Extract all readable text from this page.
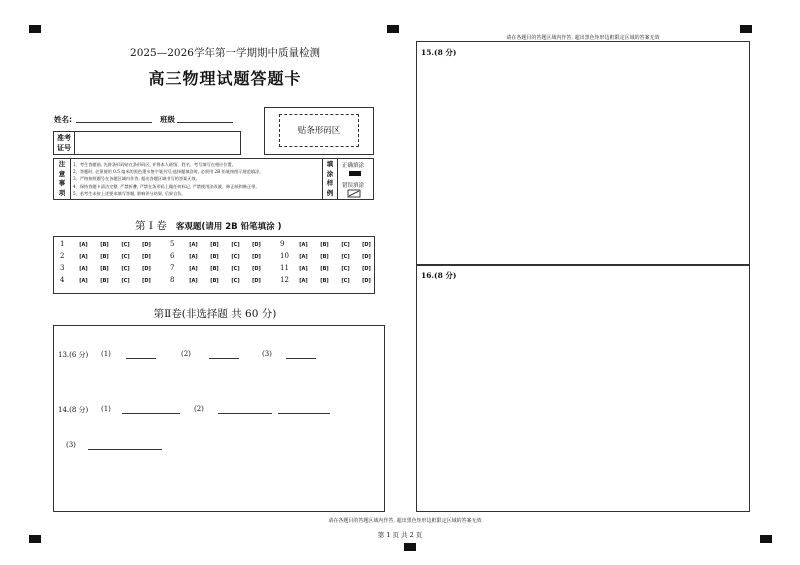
2025—2026学年第一学期期中质量检测
高三物理试题答题卡
姓名:	班级
准考
证号
贴条形码区
注
意
事
项
1、考生答题前, 先将条形码贴在条形码区, 并将本人班级、姓名、考号填写在相应位置。
2、答题时, 必须使用 0.5 毫米的黑色墨水签字笔书写;选择题填涂时, 必须用 2B 铅笔按图示规范填涂。
3、严格按照题号在各题区域内作答, 超出答题区域书写的答案无效。
4、保持答题卡清洁完整, 严禁折叠, 严禁在条形码上做任何标记, 严禁使用涂改液、修正纸和修正带。
5、若考生未按上述要求填写答题, 影响评分结果, 后果自负。
填
涂
样
例
正确填涂
错误填涂
第 I 卷 客观题(请用 2B 铅笔填涂 )
1	[A]	[B]	[C]	[D]
2	[A]	[B]	[C]	[D]
3	[A]	[B]	[C]	[D]
4	[A]	[B]	[C]	[D]
5	[A]	[B]	[C]	[D]
6	[A]	[B]	[C]	[D]
7	[A]	[B]	[C]	[D]
8	[A]	[B]	[C]	[D]
9	[A]	[B]	[C]	[D]
10 [A]	[B]	[C]	[D]
11 [A]	[B]	[C]	[D]
12 [A]	[B]	[C]	[D]
第Ⅱ卷(非选择题 共 60 分)
13.(6 分) (1)	(2)	(3)
14.(8 分) (1)	(2)
(3)
请在各题目的答题区域内作答, 超出黑色矩形边框限定区域的答案无效
15.(8 分)
16.(8 分)
请在各题目的答题区域内作答, 超出黑色矩形边框限定区域的答案无效
第 1 页 共 2 页
